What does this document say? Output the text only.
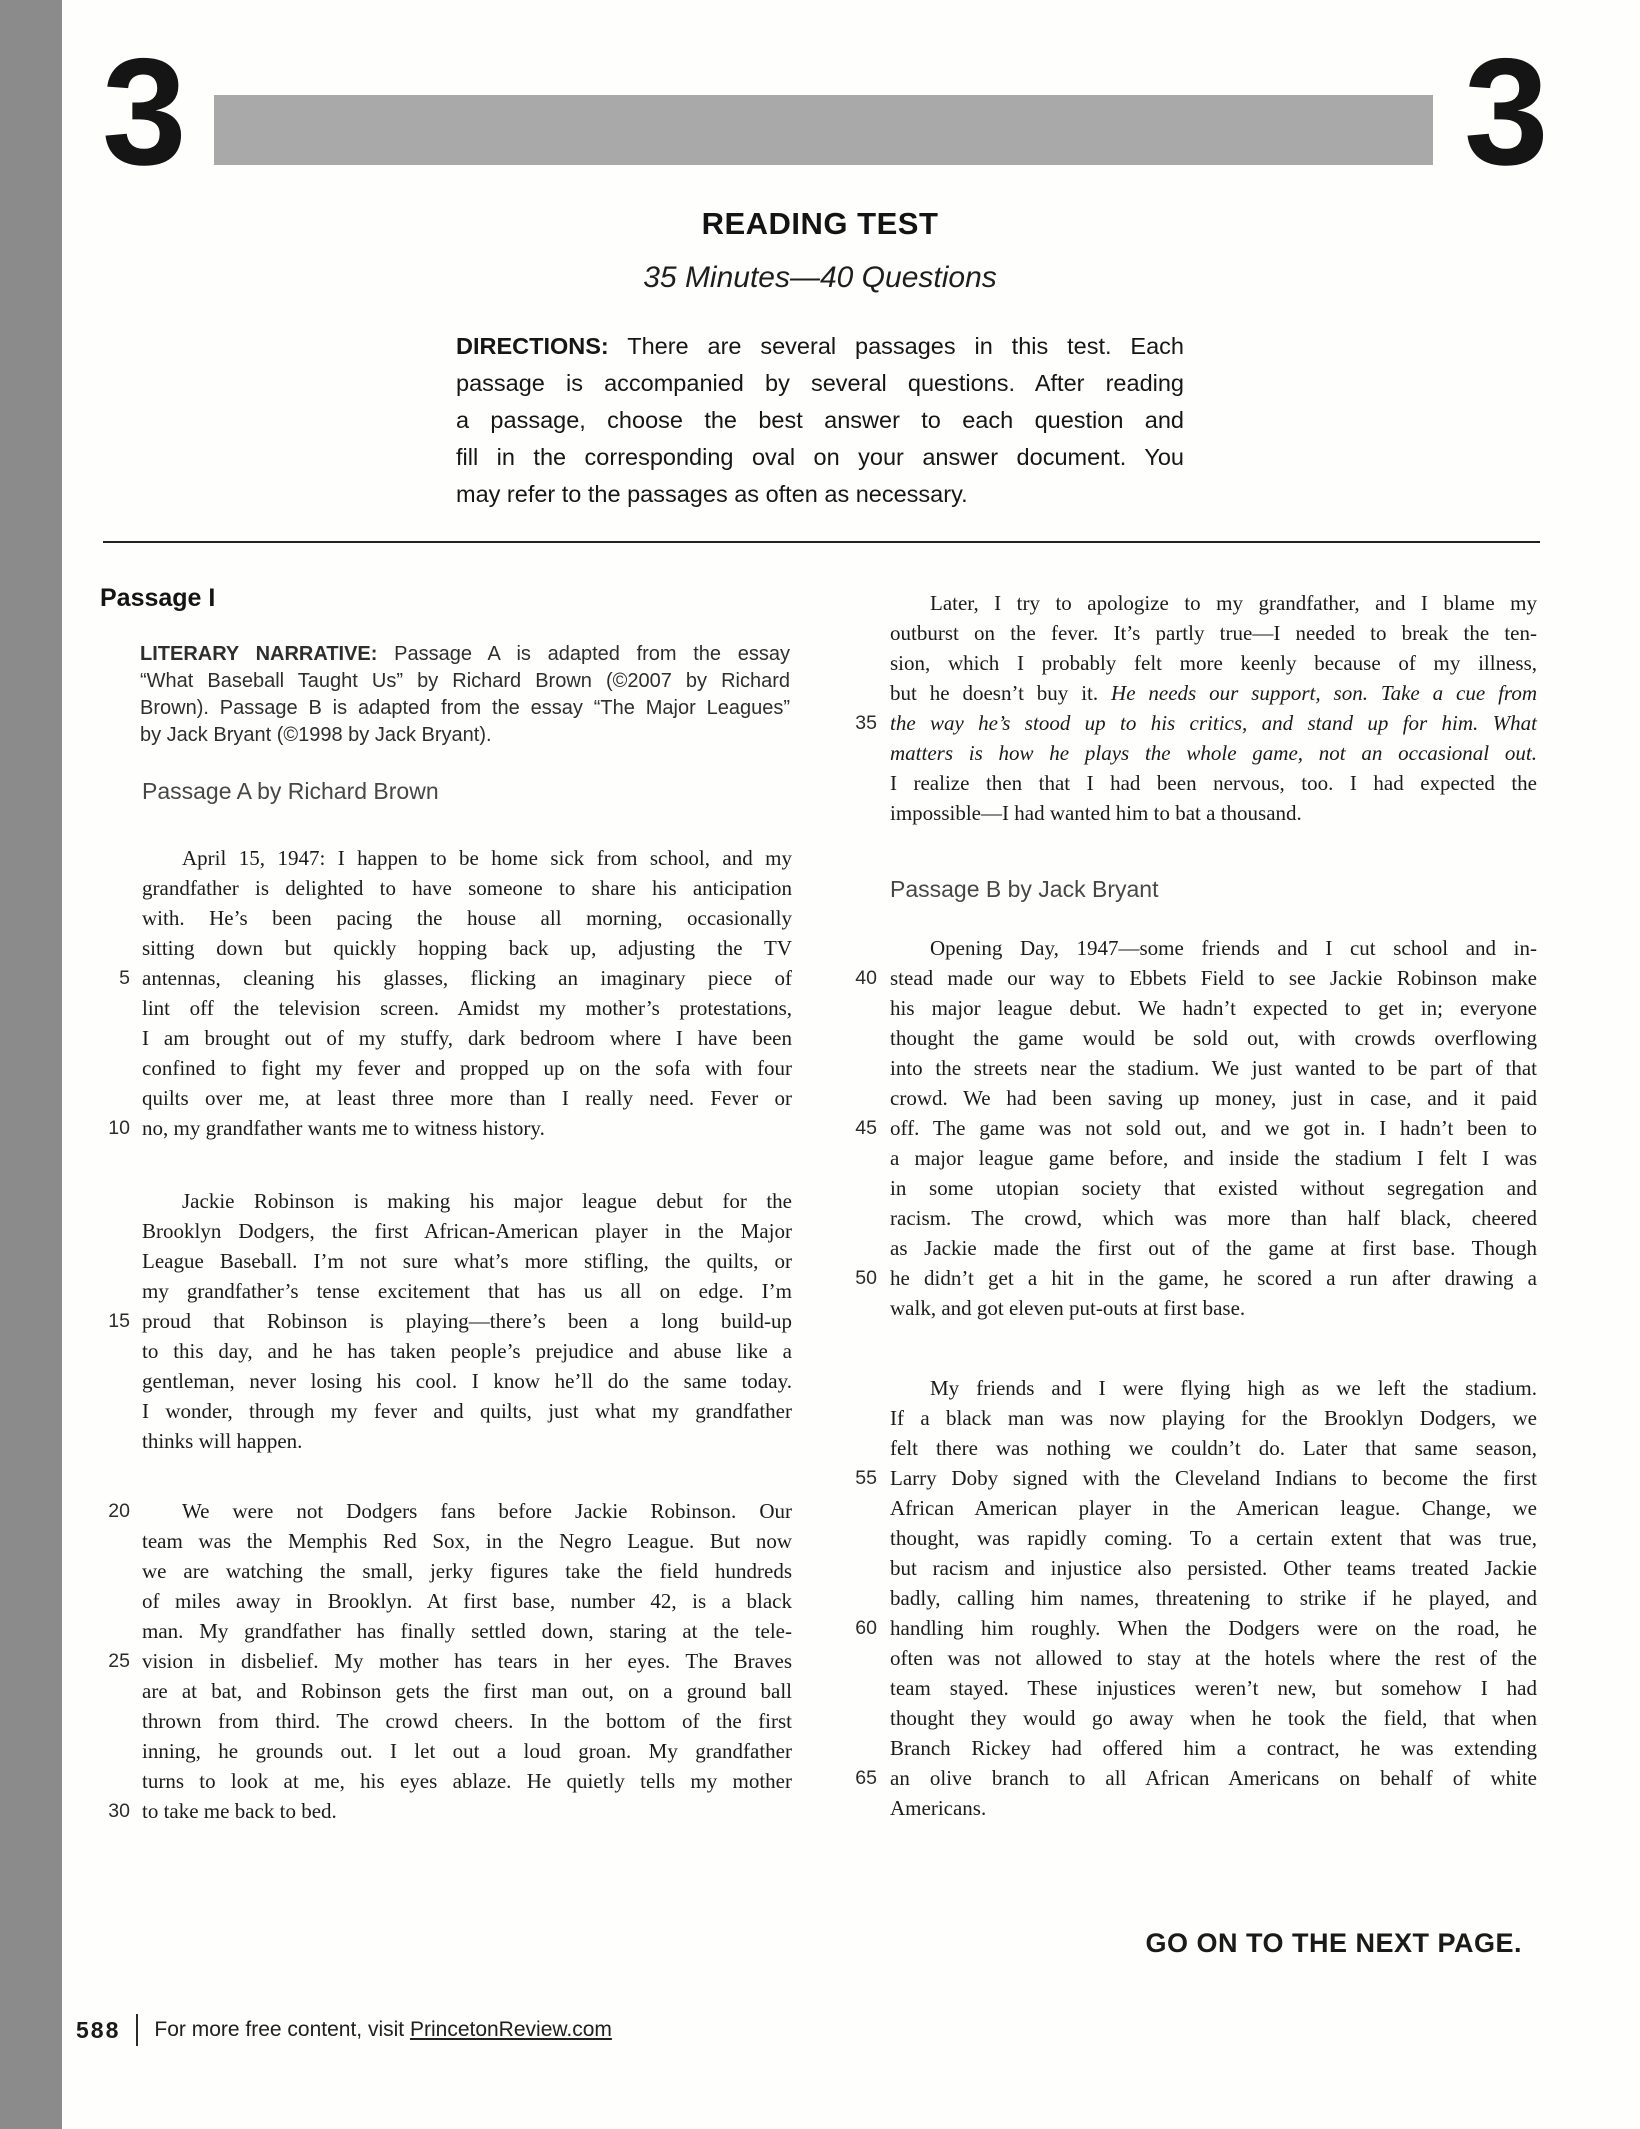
3	3
READING TEST
35 Minutes—40 Questions
GO ON TO THE NEXT PAGE.
588 For more free content, visit PrincetonReview.com
DIRECTIONS: There are several passages in this test. Each
passage is accompanied by several questions. After reading
a passage, choose the best answer to each question and
fill in the corresponding oval on your answer document. You
may refer to the passages as often as necessary.
Passage I
LITERARY NARRATIVE: Passage A is adapted from the essay
“What Baseball Taught Us” by Richard Brown (©2007 by Richard
Brown). Passage B is adapted from the essay “The Major Leagues”
by Jack Bryant (©1998 by Jack Bryant).
Passage A by Richard Brown
April 15, 1947: I happen to be home sick from school, and my
grandfather is delighted to have someone to share his anticipation
with. He’s been pacing the house all morning, occasionally
sitting down but quickly hopping back up, adjusting the TV
5 antennas, cleaning his glasses, flicking an imaginary piece of
lint off the television screen. Amidst my mother’s protestations,
I am brought out of my stuffy, dark bedroom where I have been
confined to fight my fever and propped up on the sofa with four
quilts over me, at least three more than I really need. Fever or
10 no, my grandfather wants me to witness history.
Jackie Robinson is making his major league debut for the
Brooklyn Dodgers, the first African-American player in the Major
League Baseball. I’m not sure what’s more stifling, the quilts, or
my grandfather’s tense excitement that has us all on edge. I’m
15 proud that Robinson is playing—there’s been a long build-up
to this day, and he has taken people’s prejudice and abuse like a
gentleman, never losing his cool. I know he’ll do the same today.
I wonder, through my fever and quilts, just what my grandfather
thinks will happen.
20	We were not Dodgers fans before Jackie Robinson. Our
team was the Memphis Red Sox, in the Negro League. But now
we are watching the small, jerky figures take the field hundreds
of miles away in Brooklyn. At first base, number 42, is a black
man. My grandfather has finally settled down, staring at the tele-
25 vision in disbelief. My mother has tears in her eyes. The Braves
are at bat, and Robinson gets the first man out, on a ground ball
thrown from third. The crowd cheers. In the bottom of the first
inning, he grounds out. I let out a loud groan. My grandfather
turns to look at me, his eyes ablaze. He quietly tells my mother
30 to take me back to bed.
Later, I try to apologize to my grandfather, and I blame my
outburst on the fever. It’s partly true—I needed to break the ten-
sion, which I probably felt more keenly because of my illness,
but he doesn’t buy it. He needs our support, son. Take a cue from
35 the way he’s stood up to his critics, and stand up for him. What
matters is how he plays the whole game, not an occasional out.
I realize then that I had been nervous, too. I had expected the
impossible—I had wanted him to bat a thousand.
Passage B by Jack Bryant
Opening Day, 1947—some friends and I cut school and in-
40 stead made our way to Ebbets Field to see Jackie Robinson make
his major league debut. We hadn’t expected to get in; everyone
thought the game would be sold out, with crowds overflowing
into the streets near the stadium. We just wanted to be part of that
crowd. We had been saving up money, just in case, and it paid
45 off. The game was not sold out, and we got in. I hadn’t been to
a major league game before, and inside the stadium I felt I was
in some utopian society that existed without segregation and
racism. The crowd, which was more than half black, cheered
as Jackie made the first out of the game at first base. Though
50 he didn’t get a hit in the game, he scored a run after drawing a
walk, and got eleven put-outs at first base.
My friends and I were flying high as we left the stadium.
If a black man was now playing for the Brooklyn Dodgers, we
felt there was nothing we couldn’t do. Later that same season,
55 Larry Doby signed with the Cleveland Indians to become the first
African American player in the American league. Change, we
thought, was rapidly coming. To a certain extent that was true,
but racism and injustice also persisted. Other teams treated Jackie
badly, calling him names, threatening to strike if he played, and
60 handling him roughly. When the Dodgers were on the road, he
often was not allowed to stay at the hotels where the rest of the
team stayed. These injustices weren’t new, but somehow I had
thought they would go away when he took the field, that when
Branch Rickey had offered him a contract, he was extending
65 an olive branch to all African Americans on behalf of white
Americans.
